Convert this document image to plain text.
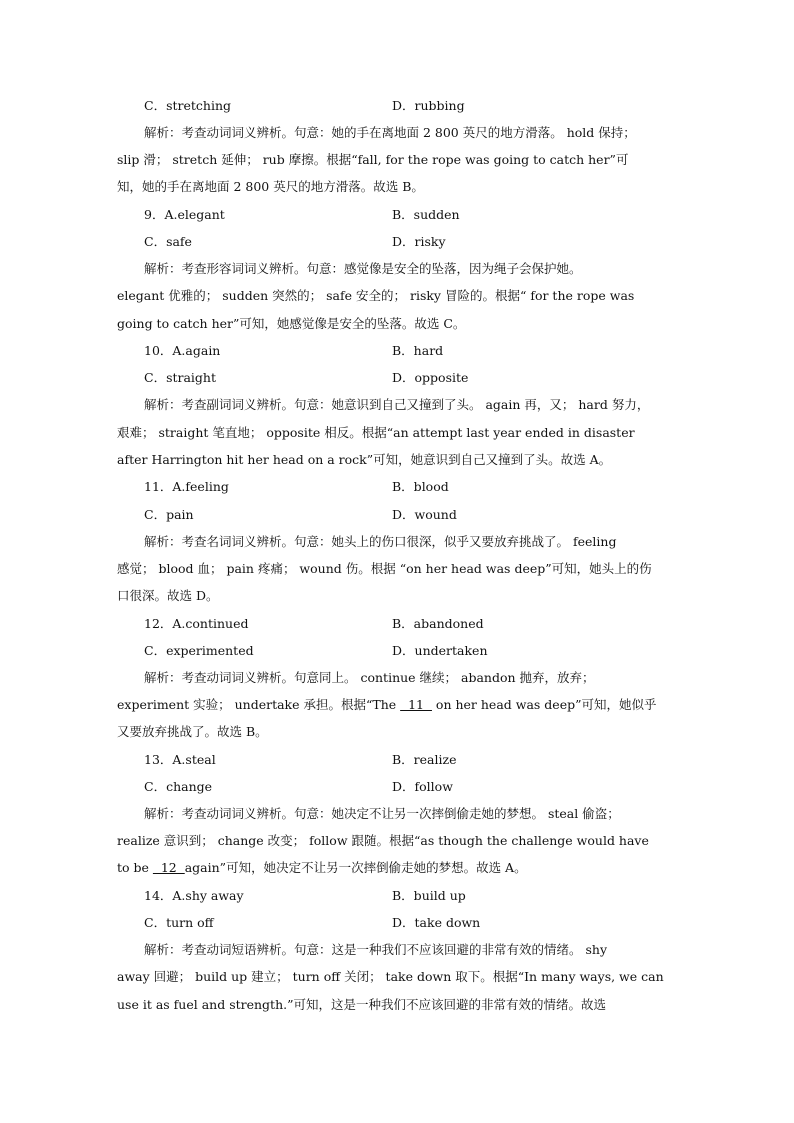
C．stretching	D．rubbing
解析：考查动词词义辨析。句意：她的手在离地面 2 800 英尺的地方滑落。 hold 保持；
slip 滑； stretch 延伸； rub 摩擦。根据“fall, for the rope was going to catch her”可
知，她的手在离地面 2 800 英尺的地方滑落。故选 B。
9．A.elegant	B．sudden
C．safe	D．risky
解析：考查形容词词义辨析。句意：感觉像是安全的坠落，因为绳子会保护她。
elegant 优雅的； sudden 突然的； safe 安全的； risky 冒险的。根据“ for the rope was
going to catch her”可知，她感觉像是安全的坠落。故选 C。
10．A.again	B．hard
C．straight	D．opposite
解析：考查副词词义辨析。句意：她意识到自己又撞到了头。 again 再，又； hard 努力，
艰难； straight 笔直地； opposite 相反。根据“an attempt last year ended in disaster
after Harrington hit her head on a rock”可知，她意识到自己又撞到了头。故选 A。
11．A.feeling	B．blood
C．pain	D．wound
解析：考查名词词义辨析。句意：她头上的伤口很深，似乎又要放弃挑战了。 feeling
感觉； blood 血； pain 疼痛； wound 伤。根据 “on her head was deep”可知，她头上的伤
口很深。故选 D。
12．A.continued	B．abandoned
C．experimented	D．undertaken
解析：考查动词词义辨析。句意同上。 continue 继续； abandon 抛弃，放弃；
experiment 实验； undertake 承担。根据“The   11   on her head was deep”可知，她似乎
又要放弃挑战了。故选 B。
13．A.steal	B．realize
C．change	D．follow
解析：考查动词词义辨析。句意：她决定不让另一次摔倒偷走她的梦想。 steal 偷盗；
realize 意识到； change 改变； follow 跟随。根据“as though the challenge would have
to be   12  again”可知，她决定不让另一次摔倒偷走她的梦想。故选 A。
14．A.shy away	B．build up
C．turn off	D．take down
解析：考查动词短语辨析。句意：这是一种我们不应该回避的非常有效的情绪。 shy
away 回避； build up 建立； turn off 关闭； take down 取下。根据“In many ways, we can
use it as fuel and strength.”可知，这是一种我们不应该回避的非常有效的情绪。故选
